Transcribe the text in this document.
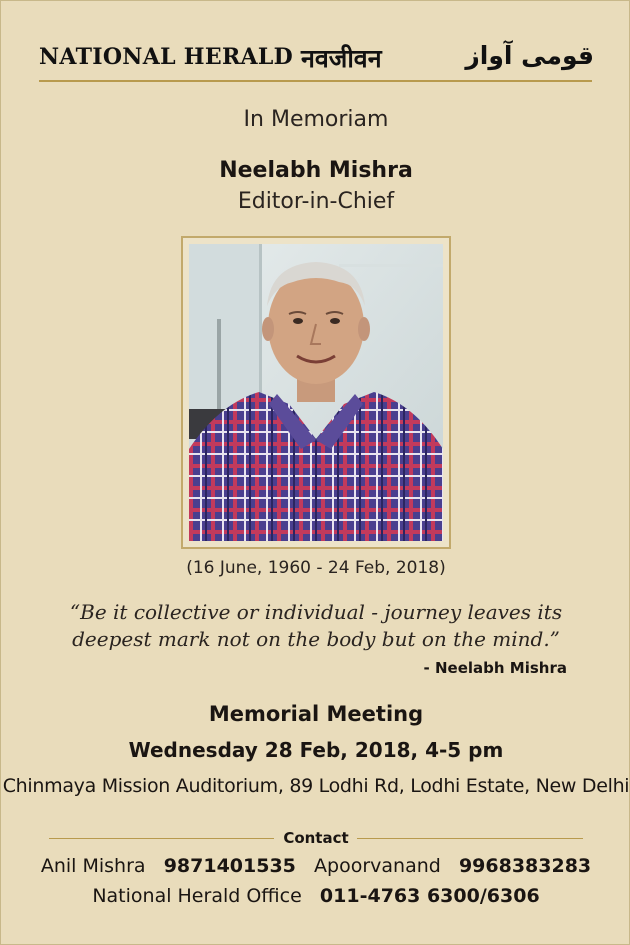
NATIONAL HERALD नवजीवन	قومی آواز
In Memoriam
Neelabh Mishra
Editor-in-Chief
(16 June, 1960 - 24 Feb, 2018)
“Be it collective or individual - journey leaves its
deepest mark not on the body but on the mind.”
- Neelabh Mishra
Memorial Meeting
Wednesday 28 Feb, 2018, 4-5 pm
Chinmaya Mission Auditorium, 89 Lodhi Rd, Lodhi Estate, New Delhi
Contact
Anil Mishra 9871401535 Apoorvanand 9968383283
National Herald Office 011-4763 6300/6306
